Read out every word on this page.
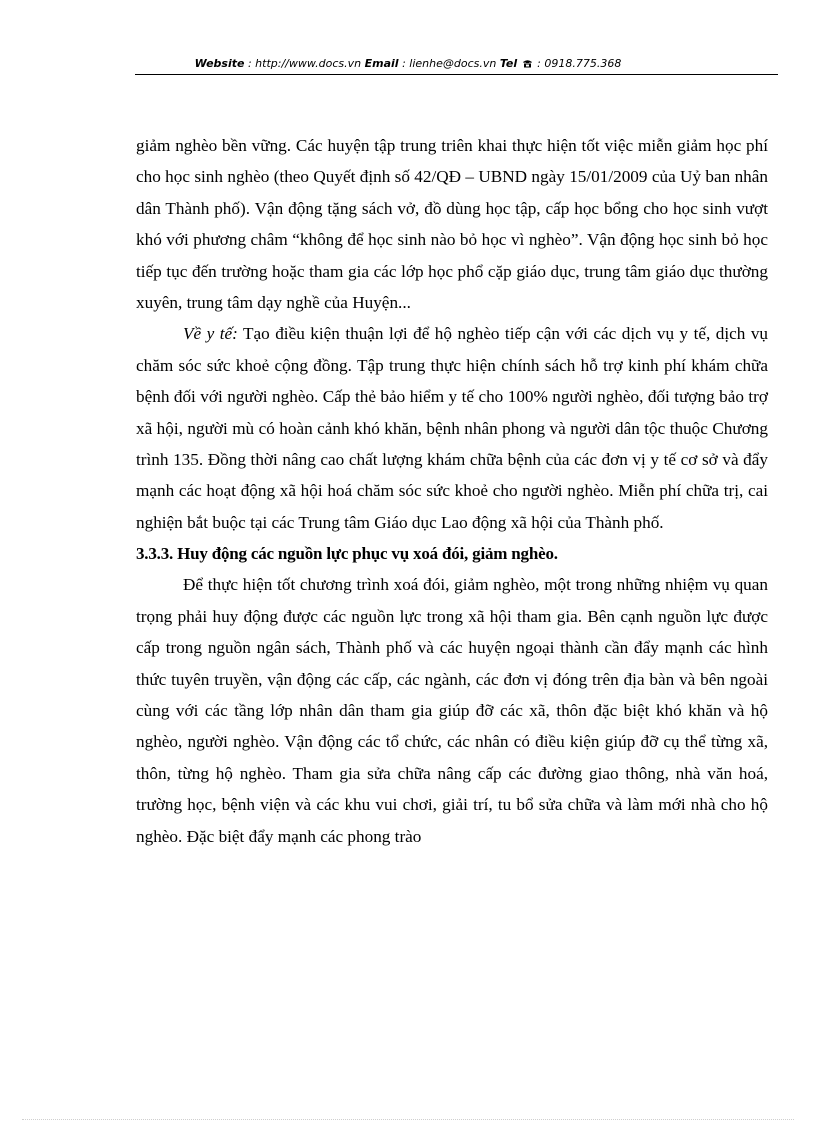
Website : http://www.docs.vn Email : lienhe@docs.vn Tel : 0918.775.368

giảm nghèo bền vững. Các huyện tập trung triên khai thực hiện tốt việc miễn giảm học phí cho học sinh nghèo (theo Quyết định số 42/QĐ – UBND ngày 15/01/2009 của Uỷ ban nhân dân Thành phố). Vận động tặng sách vở, đồ dùng học tập, cấp học bổng cho học sinh vượt khó với phương châm “không để học sinh nào bỏ học vì nghèo”. Vận động học sinh bỏ học tiếp tục đến trường hoặc tham gia các lớp học phổ cặp giáo dục, trung tâm giáo dục thường xuyên, trung tâm dạy nghề của Huyện...

Về y tế: Tạo điều kiện thuận lợi để hộ nghèo tiếp cận với các dịch vụ y tế, dịch vụ chăm sóc sức khoẻ cộng đồng. Tập trung thực hiện chính sách hỗ trợ kinh phí khám chữa bệnh đối với người nghèo. Cấp thẻ bảo hiểm y tế cho 100% người nghèo, đối tượng bảo trợ xã hội, người mù có hoàn cảnh khó khăn, bệnh nhân phong và người dân tộc thuộc Chương trình 135. Đồng thời nâng cao chất lượng khám chữa bệnh của các đơn vị y tế cơ sở và đẩy mạnh các hoạt động xã hội hoá chăm sóc sức khoẻ cho người nghèo. Miễn phí chữa trị, cai nghiện bắt buộc tại các Trung tâm Giáo dục Lao động xã hội của Thành phố.

3.3.3. Huy động các nguồn lực phục vụ xoá đói, giảm nghèo.

Để thực hiện tốt chương trình xoá đói, giảm nghèo, một trong những nhiệm vụ quan trọng phải huy động được các nguồn lực trong xã hội tham gia. Bên cạnh nguồn lực được cấp trong nguồn ngân sách, Thành phố và các huyện ngoại thành cần đẩy mạnh các hình thức tuyên truyền, vận động các cấp, các ngành, các đơn vị đóng trên địa bàn và bên ngoài cùng với các tầng lớp nhân dân tham gia giúp đỡ các xã, thôn đặc biệt khó khăn và hộ nghèo, người nghèo. Vận động các tổ chức, các nhân có điều kiện giúp đỡ cụ thể từng xã, thôn, từng hộ nghèo. Tham gia sửa chữa nâng cấp các đường giao thông, nhà văn hoá, trường học, bệnh viện và các khu vui chơi, giải trí, tu bổ sửa chữa và làm mới nhà cho hộ nghèo. Đặc biệt đẩy mạnh các phong trào
